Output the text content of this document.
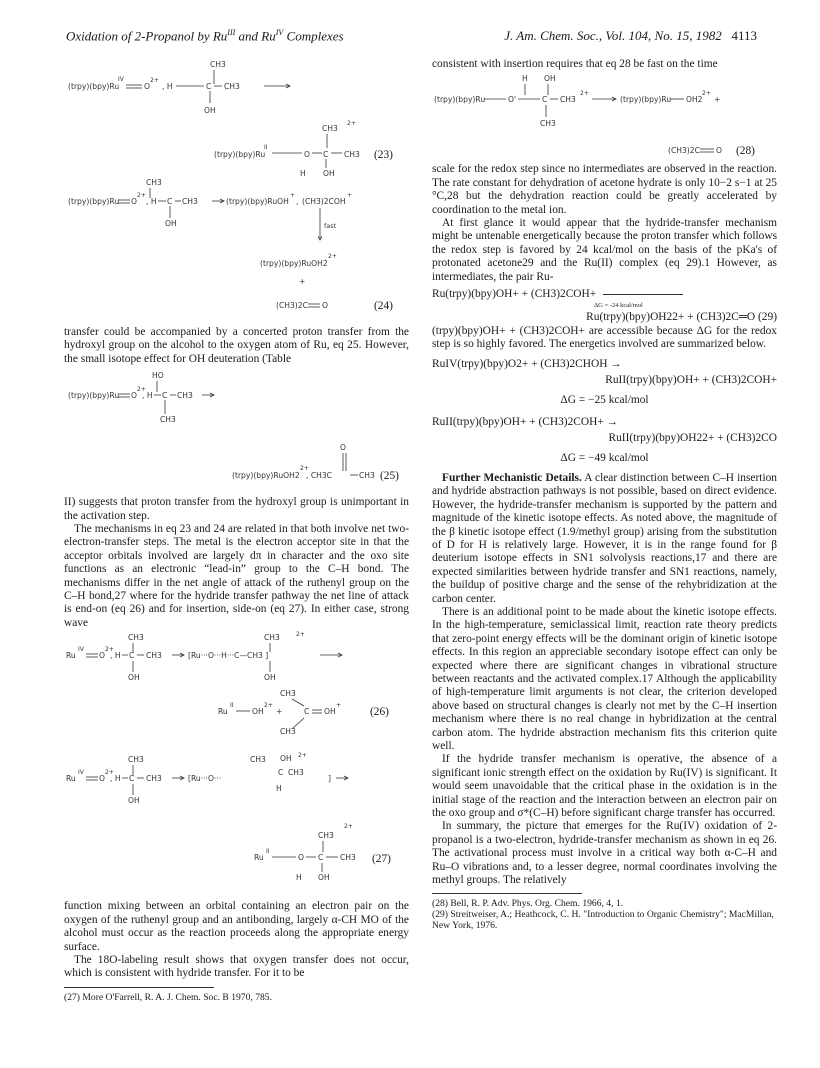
Oxidation of 2-Propanol by $Ru^{III}$ and $Ru^{IV}$ Complexes	J. Am. Chem. Soc., Vol. 104, No. 15, 1982 4113
CH3
(trpy)(bpy)Ru
IV
O
2+
, H	C CH3
OH
CH3
2+
(trpy)(bpy)Ru
II
O C CH3
H OH
(23)
CH3
(trpy)(bpy)Ru O
2+
, H C CH3
OH
(trpy)(bpy)RuOH
+
, (CH3)2COH
+
fast
(trpy)(bpy)RuOH2
2+
+
(CH3)2C O	(24)

transfer could be accompanied by a concerted proton transfer from the hydroxyl group on the alcohol to the oxygen atom of Ru, eq 25. However, the small isotope effect for OH deuteration (Table

HO
(trpy)(bpy)Ru O
2+
, H C CH3
CH3
O
(trpy)(bpy)RuOH2
2+
, CH3C	CH3 (25)

II) suggests that proton transfer from the hydroxyl group is unimportant in the activation step.

The mechanisms in eq 23 and 24 are related in that both involve net two-electron-transfer steps. The metal is the electron acceptor site in that the acceptor orbitals involved are largely dπ in character and the oxo site functions as an electronic “lead-in” group to the C–H bond. The mechanisms differ in the net angle of attack of the ruthenyl group on the C–H bond,27 where for the hydride transfer pathway the net line of attack is end-on (eq 26) and for insertion, side-on (eq 27). In either case, strong wave

CH3
Ru
IV
O
2+
, H C CH3
OH
[Ru···O···H···C—CH3 ]
CH3	2+
OH
CH3
Ru
II
OH
2+
+	C OH
+
CH3
(26)
CH3
Ru
IV
O
2+
, H C CH3
OH
CH3 OH 2+
[Ru···O···
C CH3
H
]
CH3
2+
Ru
II
O C CH3
H OH
(27)

function mixing between an orbital containing an electron pair on the oxygen of the ruthenyl group and an antibonding, largely α-CH MO of the alcohol must occur as the reaction proceeds along the appropriate energy surface.

The 18O-labeling result shows that oxygen transfer does not occur, which is consistent with hydride transfer. For it to be

(27) More O'Farrell, R. A. J. Chem. Soc. B 1970, 785.

consistent with insertion requires that eq 28 be fast on the time

H OH
(trpy)(bpy)Ru	O'	C CH3
2+
CH3
(trpy)(bpy)Ru OH2
2+
+
(CH3)2C O (28)

scale for the redox step since no intermediates are observed in the reaction. The rate constant for dehydration of acetone hydrate is only 10−2 s−1 at 25 °C,28 but the dehydration reaction could be greatly accelerated by coordination to the metal ion.

At first glance it would appear that the hydride-transfer mechanism might be untenable energetically because the proton transfer which follows the redox step is favored by 24 kcal/mol on the basis of the pKa's of protonated acetone29 and the Ru(II) complex (eq 29).1 However, as intermediates, the pair Ru-

Ru(trpy)(bpy)OH+ + (CH3)2COH+
ΔG = -24 kcal/mol
Ru(trpy)(bpy)OH22+ + (CH3)2C═O (29)

(trpy)(bpy)OH+ + (CH3)2COH+ are accessible because ΔG for the redox step is so highly favored. The energetics involved are summarized below.

RuIV(trpy)(bpy)O2+ + (CH3)2CHOH →
RuII(trpy)(bpy)OH+ + (CH3)2COH+
ΔG = −25 kcal/mol
RuII(trpy)(bpy)OH+ + (CH3)2COH+ →
RuII(trpy)(bpy)OH22+ + (CH3)2CO
ΔG = −49 kcal/mol

Further Mechanistic Details. A clear distinction between C–H insertion and hydride abstraction pathways is not possible, based on direct evidence. However, the hydride-transfer mechanism is supported by the pattern and magnitude of the kinetic isotope effects. As noted above, the magnitude of the β kinetic isotope effect (1.9/methyl group) arising from the substitution of D for H is relatively large. However, it is in the range found for β deuterium isotope effects in SN1 solvolysis reactions,17 and there are expected similarities between hydride transfer and SN1 reactions, namely, the buildup of positive charge and the sense of the rehybridization at the carbon center.

There is an additional point to be made about the kinetic isotope effects. In the high-temperature, semiclassical limit, reaction rate theory predicts that zero-point energy effects will be the dominant origin of kinetic isotope effects. In this region an appreciable secondary isotope effect can only be expected where there are significant changes in vibrational structure between reactants and the activated complex.17 Although the applicability of high-temperature limit arguments is not clear, the criterion developed above based on structural changes is clearly not met by the C–H insertion mechanism where there is no real change in hybridization at the central carbon atom. The hydride abstraction mechanism fits this criterion quite well.

If the hydride transfer mechanism is operative, the absence of a significant ionic strength effect on the oxidation by Ru(IV) is significant. It would seem unavoidable that the critical phase in the oxidation is in the initial stage of the reaction and the interaction between an electron pair on the oxo group and σ*(C–H) before significant charge transfer has occurred.

In summary, the picture that emerges for the Ru(IV) oxidation of 2-propanol is a two-electron, hydride-transfer mechanism as shown in eq 26. The activational process must involve in a critical way both α-C–H and Ru–O vibrations and, to a lesser degree, normal coordinates involving the methyl groups. The relatively

(28) Bell, R. P. Adv. Phys. Org. Chem. 1966, 4, 1.

(29) Streitweiser, A.; Heathcock, C. H. "Introduction to Organic Chemistry"; MacMillan, New York, 1976.
